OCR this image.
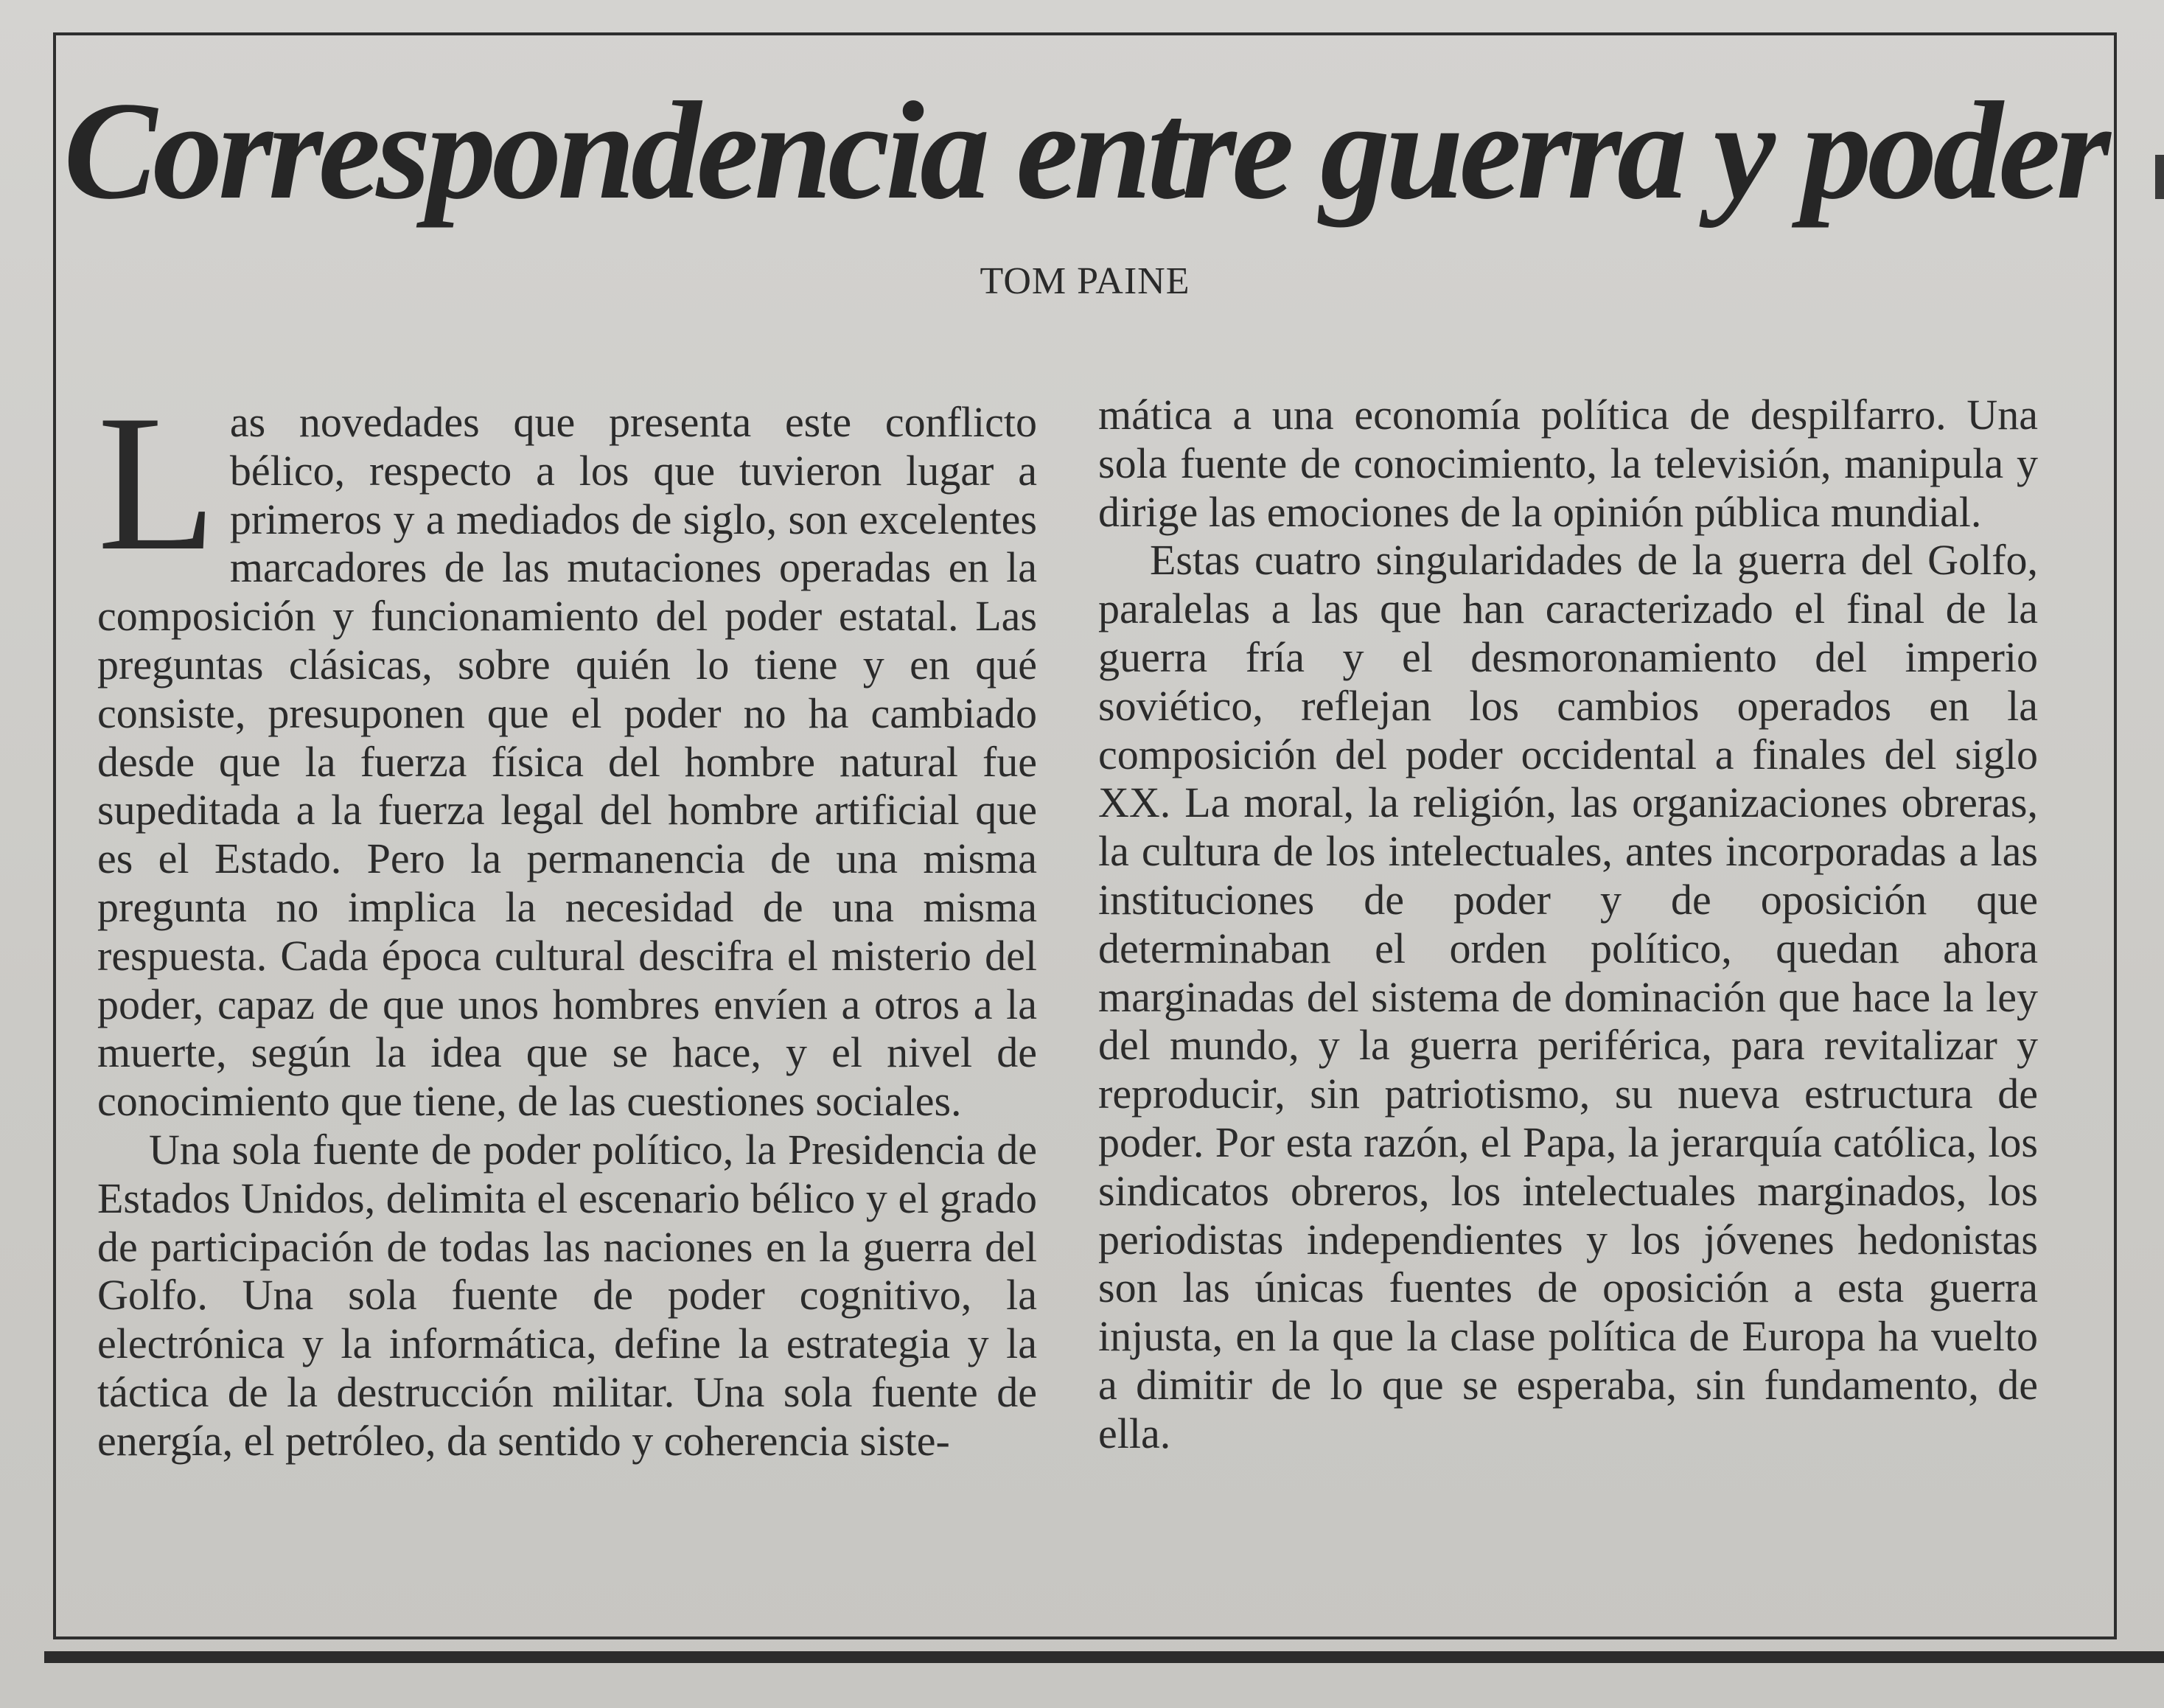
Correspondencia entre guerra y poder
TOM PAINE

Las novedades que presenta este conflicto bélico, respecto a los que tuvieron lugar a primeros y a mediados de siglo, son excelentes marcadores de las mutaciones operadas en la composición y funcionamiento del poder estatal. Las preguntas clásicas, sobre quién lo tiene y en qué consiste, presuponen que el poder no ha cambiado desde que la fuerza física del hombre natural fue supeditada a la fuerza legal del hombre artificial que es el Estado. Pero la permanencia de una misma pregunta no implica la necesidad de una misma respuesta. Cada época cultural descifra el misterio del poder, capaz de que unos hombres envíen a otros a la muerte, según la idea que se hace, y el nivel de conocimiento que tiene, de las cuestiones sociales.

Una sola fuente de poder político, la Presidencia de Estados Unidos, delimita el escenario bélico y el grado de participación de todas las naciones en la guerra del Golfo. Una sola fuente de poder cognitivo, la electrónica y la informática, define la estrategia y la táctica de la destrucción militar. Una sola fuente de energía, el petróleo, da sentido y coherencia siste-

mática a una economía política de despilfarro. Una sola fuente de conocimiento, la televisión, manipula y dirige las emociones de la opinión pública mundial.

Estas cuatro singularidades de la guerra del Golfo, paralelas a las que han caracterizado el final de la guerra fría y el desmoronamiento del imperio soviético, reflejan los cambios operados en la composición del poder occidental a finales del siglo XX. La moral, la religión, las organizaciones obreras, la cultura de los intelectuales, antes incorporadas a las instituciones de poder y de oposición que determinaban el orden político, quedan ahora marginadas del sistema de dominación que hace la ley del mundo, y la guerra periférica, para revitalizar y reproducir, sin patriotismo, su nueva estructura de poder. Por esta razón, el Papa, la jerarquía católica, los sindicatos obreros, los intelectuales marginados, los periodistas independientes y los jóvenes hedonistas son las únicas fuentes de oposición a esta guerra injusta, en la que la clase política de Europa ha vuelto a dimitir de lo que se esperaba, sin fundamento, de ella.
